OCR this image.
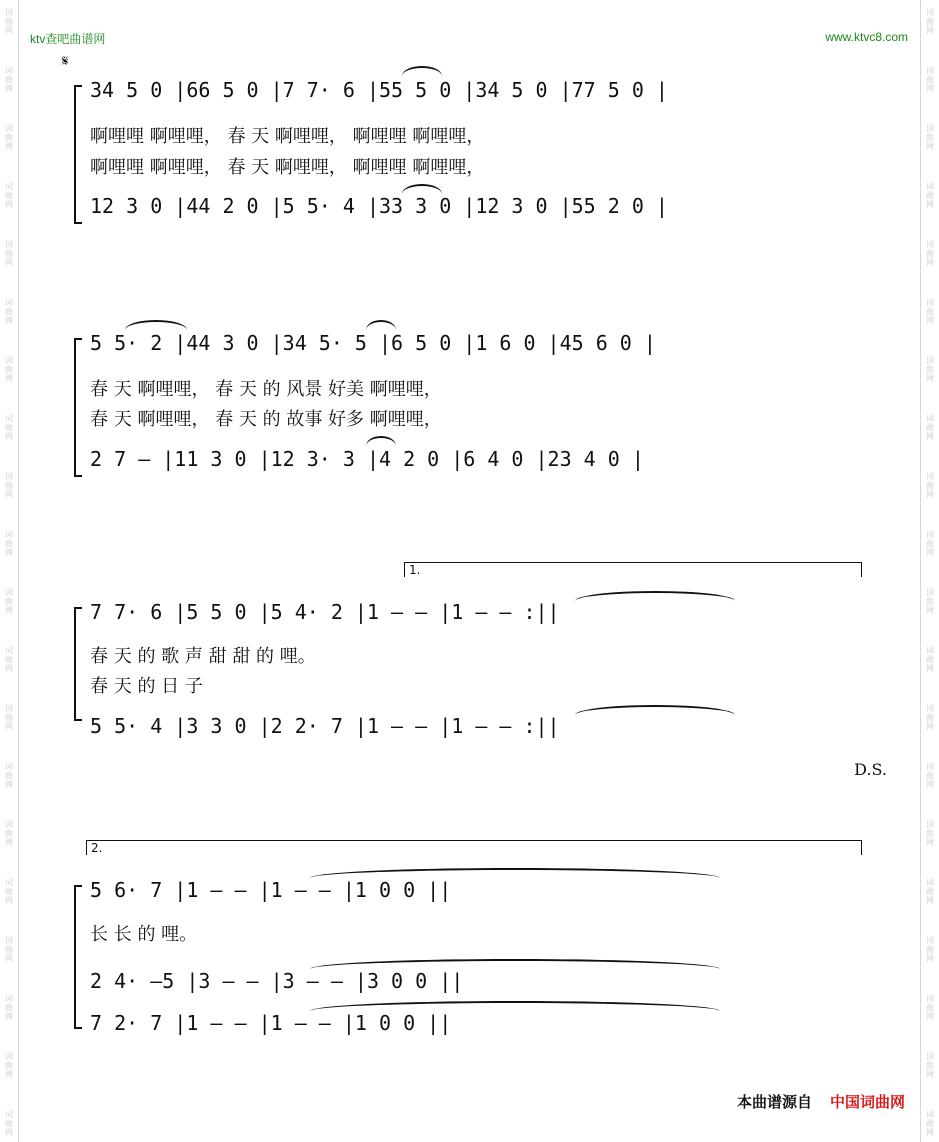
词
曲
网
词
曲
网
词
曲
网
词
曲
网
词
曲
网
词
曲
网
词
曲
网
词
曲
网
词
曲
网
词
曲
网
词
曲
网
词
曲
网
词
曲
网
词
曲
网
词
曲
网
词
曲
网
词
曲
网
词
曲
网
词
曲
网
词
曲
网
词
曲
网
词
曲
网
词
曲
网
词
曲
网
词
曲
网
词
曲
网
词
曲
网
词
曲
网
词
曲
网
词
曲
网
词
曲
网
词
曲
网
词
曲
网
词
曲
网
词
曲
网
词
曲
网
词
曲
网
词
曲
网
词
曲
网
词
曲
网
ktv查吧曲谱网	www.ktvc8.com
𝄋
34 5 0 |66 5 0 |7 7· 6 |55 5 0 |34 5 0 |77 5 0 |
啊哩哩 啊哩哩， 春 天 啊哩哩， 啊哩哩 啊哩哩，
啊哩哩 啊哩哩， 春 天 啊哩哩， 啊哩哩 啊哩哩，
12 3 0 |44 2 0 |5 5· 4 |33 3 0 |12 3 0 |55 2 0 |
5 5· 2 |44 3 0 |34 5· 5 |6 5 0 |1 6 0 |45 6 0 |
春 天 啊哩哩， 春 天 的 风景 好美 啊哩哩，
春 天 啊哩哩， 春 天 的 故事 好多 啊哩哩，
2 7 — |11 3 0 |12 3· 3 |4 2 0 |6 4 0 |23 4 0 |
1.
7 7· 6 |5 5 0 |5 4· 2 |1 — — |1 — — :||
春 天 的 歌 声 甜 甜 的 哩。
春 天 的 日 子
5 5· 4 |3 3 0 |2 2· 7 |1 — — |1 — — :||
D.S.
2.
5 6· 7 |1 — — |1 — — |1 0 0 ||
长 长 的 哩。
2 4· —5 |3 — — |3 — — |3 0 0 ||
7 2· 7 |1 — — |1 — — |1 0 0 ||
本曲谱源自 中国词曲网
